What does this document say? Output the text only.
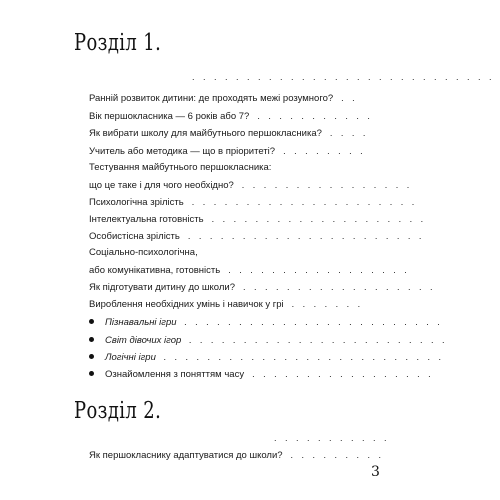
Розділ 1.
. . . . . . . . . . . . . . . . . . . . . . . . . . . .
Ранній розвиток дитини: де проходять межі розумного? . .
Вік першокласника — 6 років або 7? . . . . . . . . . . .
Як вибрати школу для майбутнього першокласника? . . . .
Учитель або методика — що в пріоритеті? . . . . . . . .
Тестування майбутнього першокласника:
що це таке і для чого необхідно? . . . . . . . . . . . . . . . .
Психологічна зрілість . . . . . . . . . . . . . . . . . . . . .
Інтелектуальна готовність . . . . . . . . . . . . . . . . . . . .
Особистісна зрілість . . . . . . . . . . . . . . . . . . . . . .
Соціально-психологічна,
або комунікативна, готовність . . . . . . . . . . . . . . . . .
Як підготувати дитину до школи? . . . . . . . . . . . . . . . . . .
Вироблення необхідних умінь і навичок у грі . . . . . . .
Пізнавальні ігри . . . . . . . . . . . . . . . . . . . . . . . .
Світ дівочих ігор . . . . . . . . . . . . . . . . . . . . . . . .
Логічні ігри . . . . . . . . . . . . . . . . . . . . . . . . . .
Ознайомлення з поняттям часу . . . . . . . . . . . . . . . . .
Розділ 2.
. . . . . . . . . . .
Як першокласнику адаптуватися до школи? . . . . . . . . .
3
